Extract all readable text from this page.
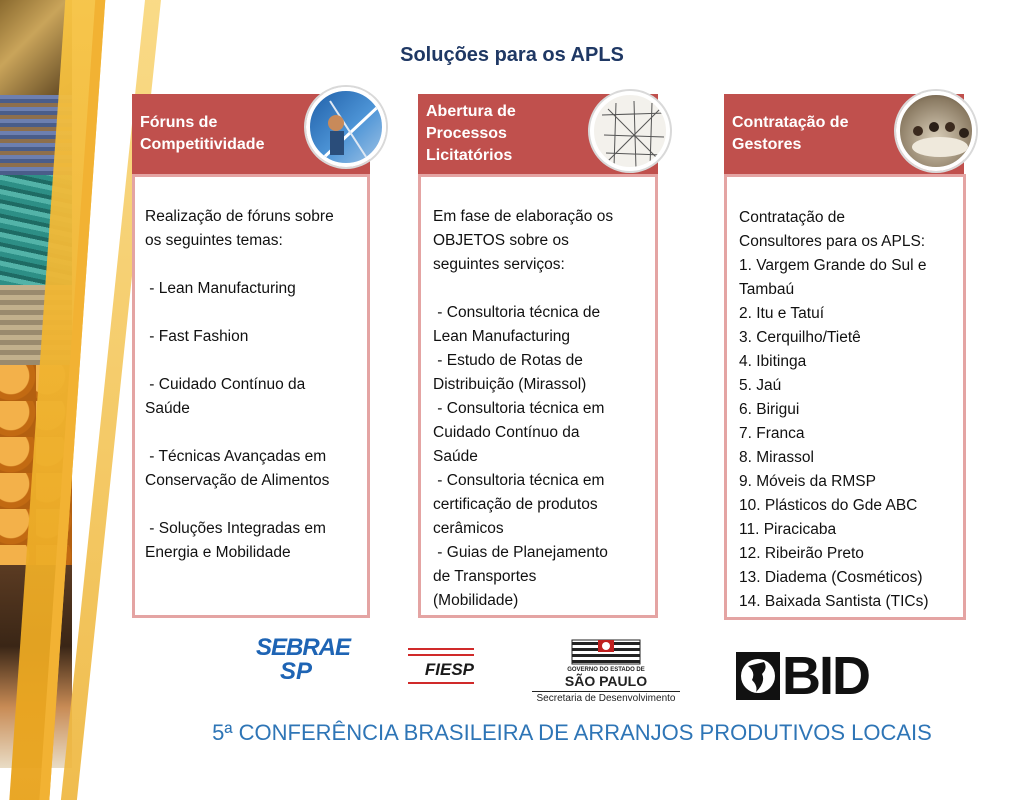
Soluções para os APLS
Fóruns de
Competitividade
Realização de fóruns sobre
os seguintes temas:

- Lean Manufacturing

- Fast Fashion

- Cuidado Contínuo da
Saúde

- Técnicas Avançadas em
Conservação de Alimentos

- Soluções Integradas em
Energia e Mobilidade
Abertura de
Processos
Licitatórios
Em fase de elaboração os
OBJETOS sobre os
seguintes serviços:

- Consultoria técnica de
Lean Manufacturing
- Estudo de Rotas de
Distribuição (Mirassol)
- Consultoria técnica em
Cuidado Contínuo da
Saúde
- Consultoria técnica em
certificação de produtos
cerâmicos
- Guias de Planejamento
de Transportes
(Mobilidade)
Contratação de
Gestores
Contratação de
Consultores para os APLS:
1. Vargem Grande do Sul e
Tambaú
2. Itu e Tatuí
3. Cerquilho/Tietê
4. Ibitinga
5. Jaú
6. Birigui
7. Franca
8. Mirassol
9. Móveis da RMSP
10. Plásticos do Gde ABC
11. Piracicaba
12. Ribeirão Preto
13. Diadema (Cosméticos)
14. Baixada Santista (TICs)
SEBRAE
SP	FIESP	GOVERNO DO ESTADO DE
SÃO PAULO
Secretaria de Desenvolvimento BID
5ª CONFERÊNCIA BRASILEIRA DE ARRANJOS PRODUTIVOS LOCAIS
